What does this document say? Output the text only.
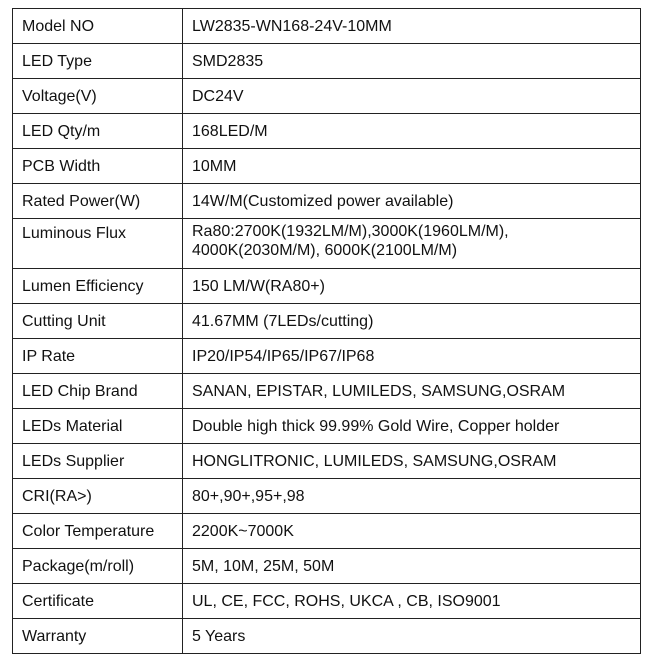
Model NO	LW2835-WN168-24V-10MM
LED Type	SMD2835
Voltage(V)	DC24V
LED Qty/m	168LED/M
PCB Width	10MM
Rated Power(W)	14W/M(Customized power available)
Luminous Flux	Ra80:2700K(1932LM/M),3000K(1960LM/M),
4000K(2030M/M), 6000K(2100LM/M)

Lumen Efficiency	150 LM/W(RA80+)
Cutting Unit	41.67MM (7LEDs/cutting)
IP Rate	IP20/IP54/IP65/IP67/IP68
LED Chip Brand	SANAN, EPISTAR, LUMILEDS, SAMSUNG,OSRAM
LEDs Material	Double high thick 99.99% Gold Wire, Copper holder
LEDs Supplier	HONGLITRONIC, LUMILEDS, SAMSUNG,OSRAM
CRI(RA>)	80+,90+,95+,98
Color Temperature	2200K~7000K
Package(m/roll)	5M, 10M, 25M, 50M
Certificate	UL, CE, FCC, ROHS, UKCA , CB, ISO9001
Warranty	5 Years
